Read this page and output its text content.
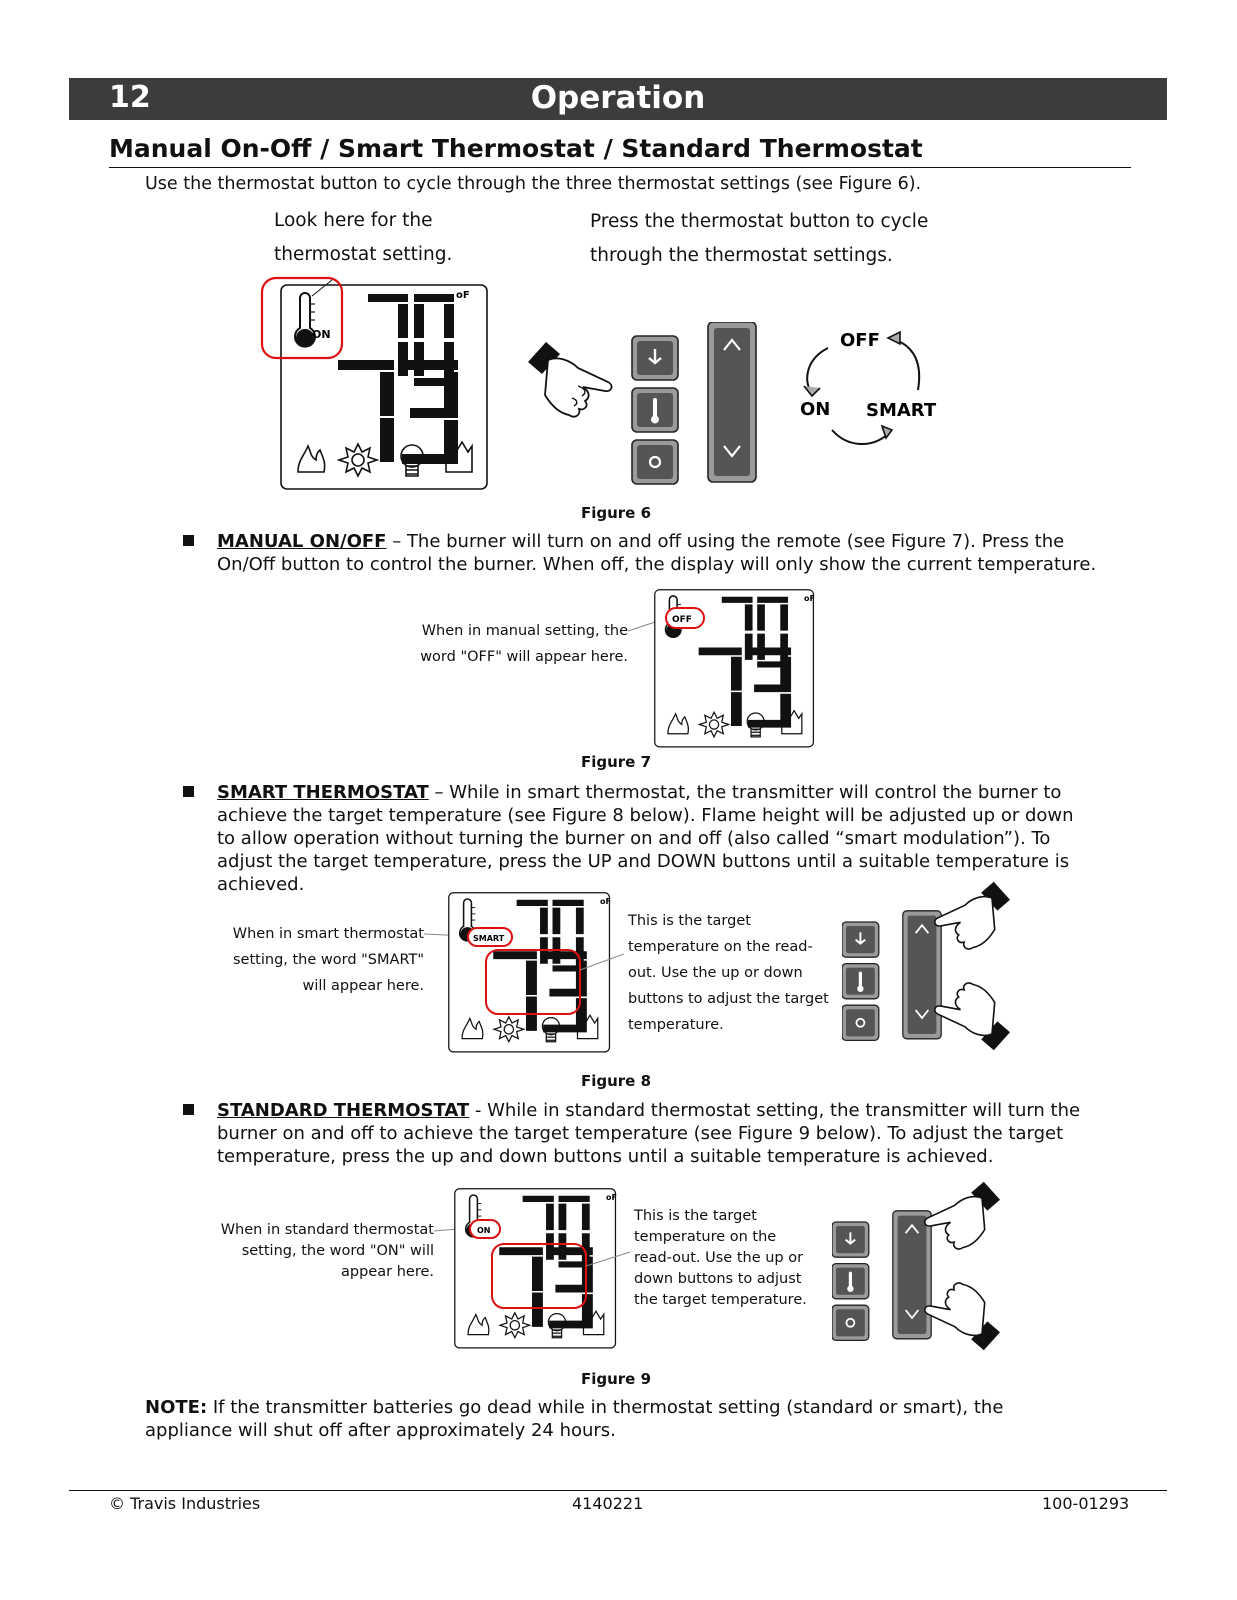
12	Operation
Manual On-Off / Smart Thermostat / Standard Thermostat
Use the thermostat button to cycle through the three thermostat settings (see Figure 6).
Look here for the
thermostat setting.
Press the thermostat button to cycle
through the thermostat settings.
ON
oF
OFF
ON SMART
Figure 6
MANUAL ON/OFF – The burner will turn on and off using the remote (see Figure 7). Press the On/Off button to control the burner. When off, the display will only show the current temperature.
When in manual setting, the
word "OFF" will appear here.
OFF
oF
Figure 7
SMART THERMOSTAT – While in smart thermostat, the transmitter will control the burner to achieve the target temperature (see Figure 8 below). Flame height will be adjusted up or down to allow operation without turning the burner on and off (also called “smart modulation”). To adjust the target temperature, press the UP and DOWN buttons until a suitable temperature is achieved.
When in smart thermostat
setting, the word "SMART"
will appear here.
SMART
oF
This is the target
temperature on the read-
out. Use the up or down
buttons to adjust the target
temperature.
Figure 8
STANDARD THERMOSTAT - While in standard thermostat setting, the transmitter will turn the burner on and off to achieve the target temperature (see Figure 9 below). To adjust the target temperature, press the up and down buttons until a suitable temperature is achieved.
When in standard thermostat
setting, the word "ON" will
appear here.
ON
oF
This is the target
temperature on the
read-out. Use the up or
down buttons to adjust
the target temperature.
Figure 9
NOTE: If the transmitter batteries go dead while in thermostat setting (standard or smart), the appliance will shut off after approximately 24 hours.
© Travis Industries	4140221	100-01293
